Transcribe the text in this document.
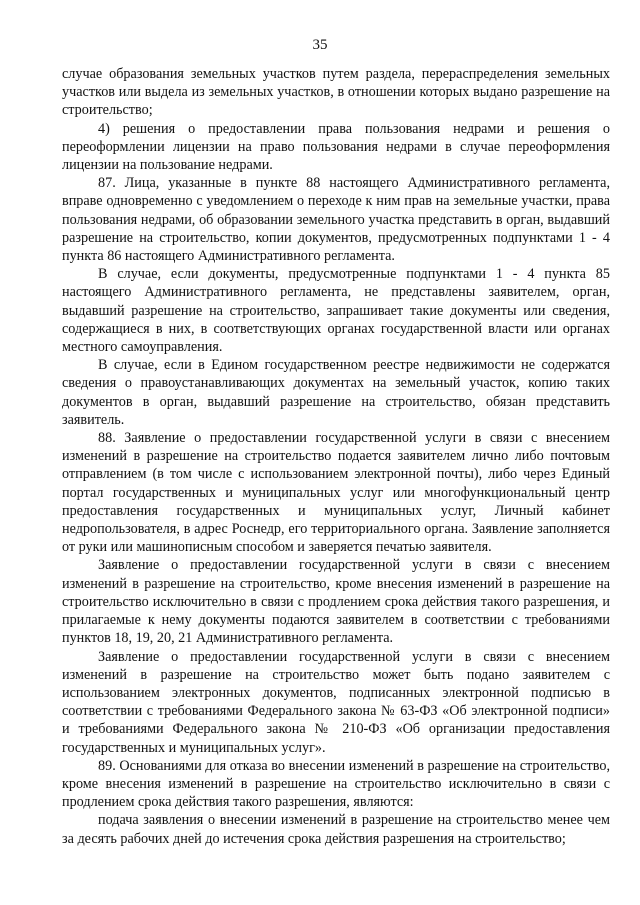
35

случае образования земельных участков путем раздела, перераспределения земельных участков или выдела из земельных участков, в отношении которых выдано разрешение на строительство;

4) решения о предоставлении права пользования недрами и решения о переоформлении лицензии на право пользования недрами в случае переоформления лицензии на пользование недрами.

87. Лица, указанные в пункте 88 настоящего Административного регламента, вправе одновременно с уведомлением о переходе к ним прав на земельные участки, права пользования недрами, об образовании земельного участка представить в орган, выдавший разрешение на строительство, копии документов, предусмотренных подпунктами 1 - 4 пункта 86 настоящего Административного регламента.

В случае, если документы, предусмотренные подпунктами 1 - 4 пункта 85 настоящего Административного регламента, не представлены заявителем, орган, выдавший разрешение на строительство, запрашивает такие документы или сведения, содержащиеся в них, в соответствующих органах государственной власти или органах местного самоуправления.

В случае, если в Едином государственном реестре недвижимости не содержатся сведения о правоустанавливающих документах на земельный участок, копию таких документов в орган, выдавший разрешение на строительство, обязан представить заявитель.

88. Заявление о предоставлении государственной услуги в связи с внесением изменений в разрешение на строительство подается заявителем лично либо почтовым отправлением (в том числе с использованием электронной почты), либо через Единый портал государственных и муниципальных услуг или многофункциональный центр предоставления государственных и муниципальных услуг, Личный кабинет недропользователя, в адрес Роснедр, его территориального органа. Заявление заполняется от руки или машинописным способом и заверяется печатью заявителя.

Заявление о предоставлении государственной услуги в связи с внесением изменений в разрешение на строительство, кроме внесения изменений в разрешение на строительство исключительно в связи с продлением срока действия такого разрешения, и прилагаемые к нему документы подаются заявителем в соответствии с требованиями пунктов 18, 19, 20, 21 Административного регламента.

Заявление о предоставлении государственной услуги в связи с внесением изменений в разрешение на строительство может быть подано заявителем с использованием электронных документов, подписанных электронной подписью в соответствии с требованиями Федерального закона № 63-ФЗ «Об электронной подписи» и требованиями Федерального закона № 210-ФЗ «Об организации предоставления государственных и муниципальных услуг».

89. Основаниями для отказа во внесении изменений в разрешение на строительство, кроме внесения изменений в разрешение на строительство исключительно в связи с продлением срока действия такого разрешения, являются:

подача заявления о внесении изменений в разрешение на строительство менее чем за десять рабочих дней до истечения срока действия разрешения на строительство;
